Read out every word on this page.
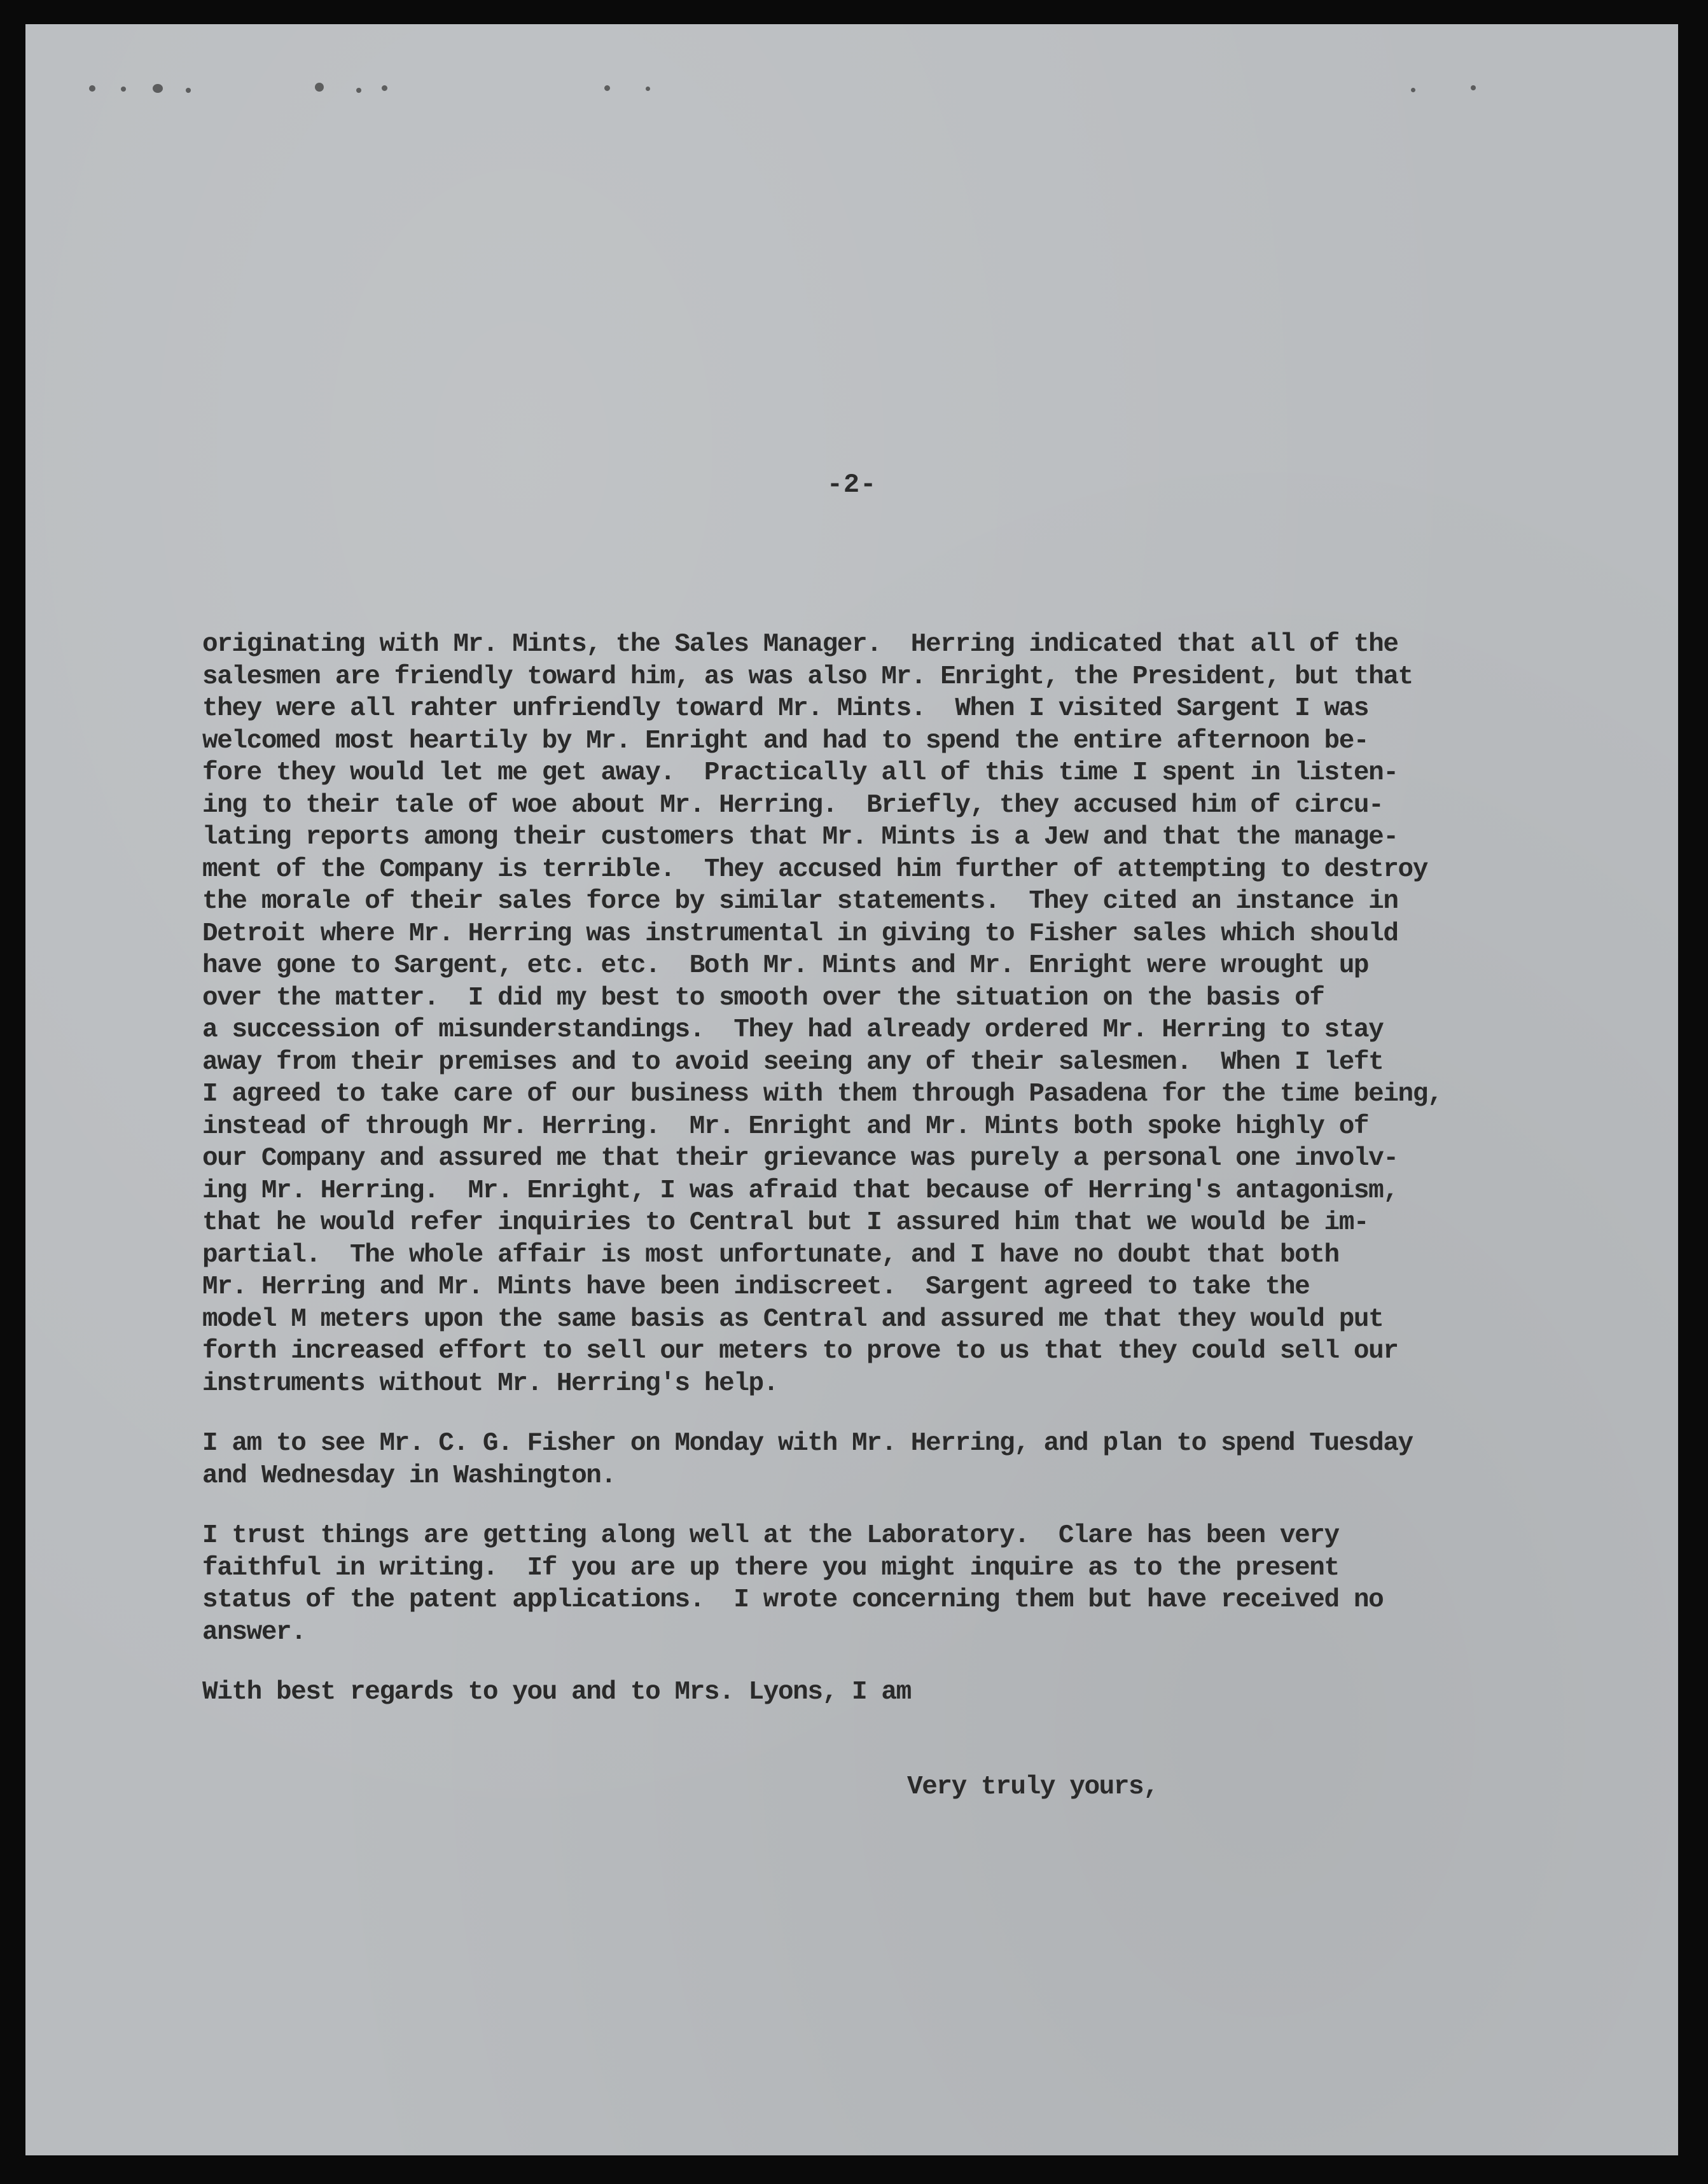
-2-

originating with Mr. Mints, the Sales Manager.  Herring indicated that all of the
salesmen are friendly toward him, as was also Mr. Enright, the President, but that
they were all rahter unfriendly toward Mr. Mints.  When I visited Sargent I was
welcomed most heartily by Mr. Enright and had to spend the entire afternoon be-
fore they would let me get away.  Practically all of this time I spent in listen-
ing to their tale of woe about Mr. Herring.  Briefly, they accused him of circu-
lating reports among their customers that Mr. Mints is a Jew and that the manage-
ment of the Company is terrible.  They accused him further of attempting to destroy
the morale of their sales force by similar statements.  They cited an instance in
Detroit where Mr. Herring was instrumental in giving to Fisher sales which should
have gone to Sargent, etc. etc.  Both Mr. Mints and Mr. Enright were wrought up
over the matter.  I did my best to smooth over the situation on the basis of
a succession of misunderstandings.  They had already ordered Mr. Herring to stay
away from their premises and to avoid seeing any of their salesmen.  When I left
I agreed to take care of our business with them through Pasadena for the time being,
instead of through Mr. Herring.  Mr. Enright and Mr. Mints both spoke highly of
our Company and assured me that their grievance was purely a personal one involv-
ing Mr. Herring.  Mr. Enright, I was afraid that because of Herring's antagonism,
that he would refer inquiries to Central but I assured him that we would be im-
partial.  The whole affair is most unfortunate, and I have no doubt that both
Mr. Herring and Mr. Mints have been indiscreet.  Sargent agreed to take the
model M meters upon the same basis as Central and assured me that they would put
forth increased effort to sell our meters to prove to us that they could sell our
instruments without Mr. Herring's help.

I am to see Mr. C. G. Fisher on Monday with Mr. Herring, and plan to spend Tuesday
and Wednesday in Washington.

I trust things are getting along well at the Laboratory.  Clare has been very
faithful in writing.  If you are up there you might inquire as to the present
status of the patent applications.  I wrote concerning them but have received no
answer.

With best regards to you and to Mrs. Lyons, I am

Very truly yours,
